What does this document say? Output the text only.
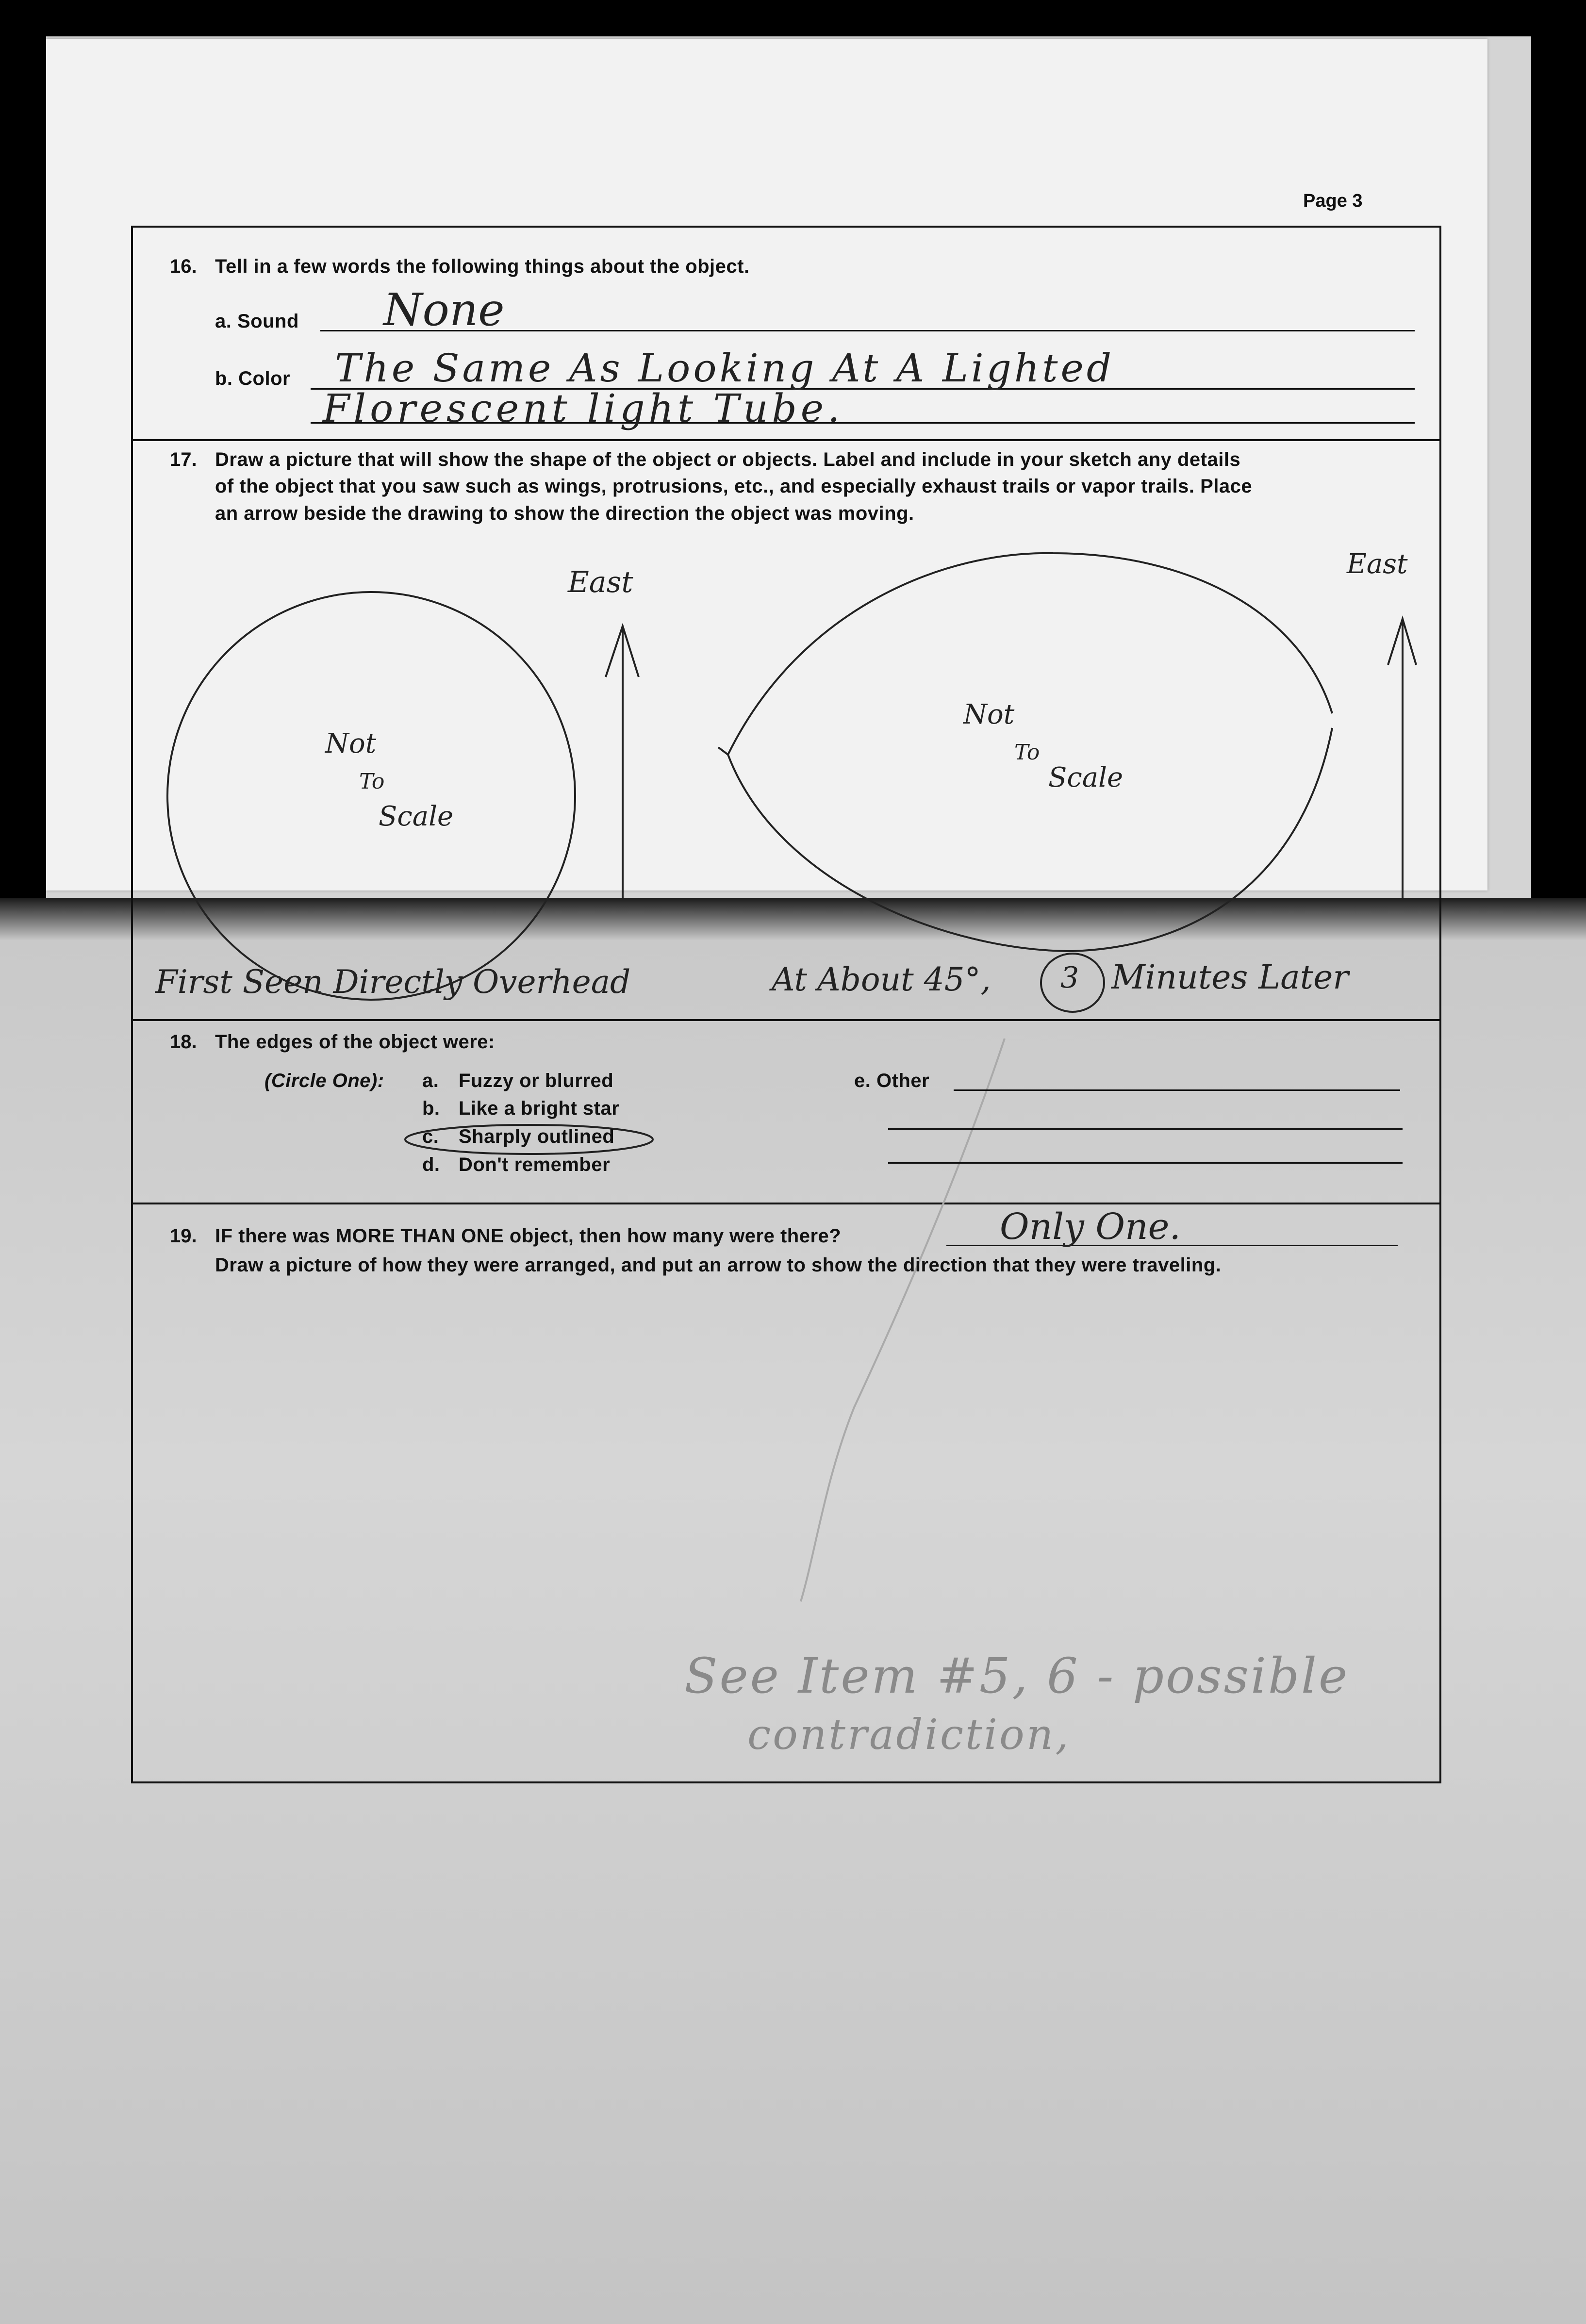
Page 3
16. Tell in a few words the following things about the object.
a. Sound None
b. Color The Same As Looking At A Lighted
Florescent light Tube.
17. Draw a picture that will show the shape of the object or objects. Label and include in your sketch any details
of the object that you saw such as wings, protrusions, etc., and especially exhaust trails or vapor trails. Place
an arrow beside the drawing to show the direction the object was moving.
East
Not
To
Scale
First Seen Directly Overhead
East
Not
To
Scale
At About 45°, 3 Minutes Later
18. The edges of the object were:
(Circle One): a. Fuzzy or blurred
b. Like a bright star
c. Sharply outlined
d. Don't remember
e. Other
19. IF there was MORE THAN ONE object, then how many were there?	Only One.
Draw a picture of how they were arranged, and put an arrow to show the direction that they were traveling.
See Item #5, 6 - possible
contradiction,
